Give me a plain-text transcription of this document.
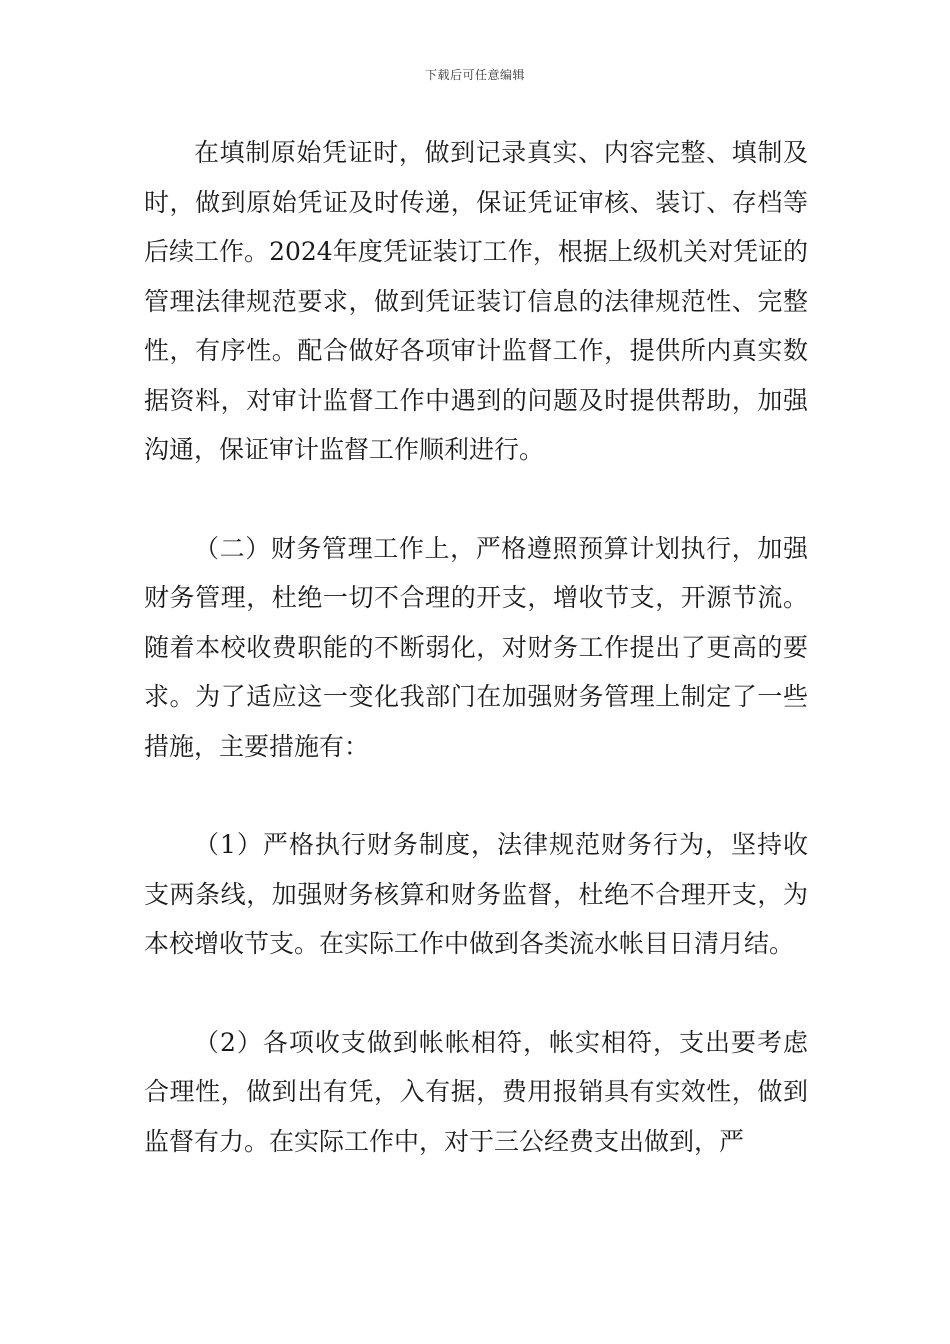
下载后可任意编辑

在填制原始凭证时，做到记录真实、内容完整、填制及时，做到原始凭证及时传递，保证凭证审核、装订、存档等后续工作。2024年度凭证装订工作，根据上级机关对凭证的管理法律规范要求，做到凭证装订信息的法律规范性、完整性，有序性。配合做好各项审计监督工作，提供所内真实数据资料，对审计监督工作中遇到的问题及时提供帮助，加强沟通，保证审计监督工作顺利进行。

（二）财务管理工作上，严格遵照预算计划执行，加强财务管理，杜绝一切不合理的开支，增收节支，开源节流。随着本校收费职能的不断弱化，对财务工作提出了更高的要求。为了适应这一变化我部门在加强财务管理上制定了一些措施，主要措施有：

（1）严格执行财务制度，法律规范财务行为，坚持收支两条线，加强财务核算和财务监督，杜绝不合理开支，为本校增收节支。在实际工作中做到各类流水帐目日清月结。

（2）各项收支做到帐帐相符，帐实相符，支出要考虑合理性，做到出有凭，入有据，费用报销具有实效性，做到监督有力。在实际工作中，对于三公经费支出做到，严
